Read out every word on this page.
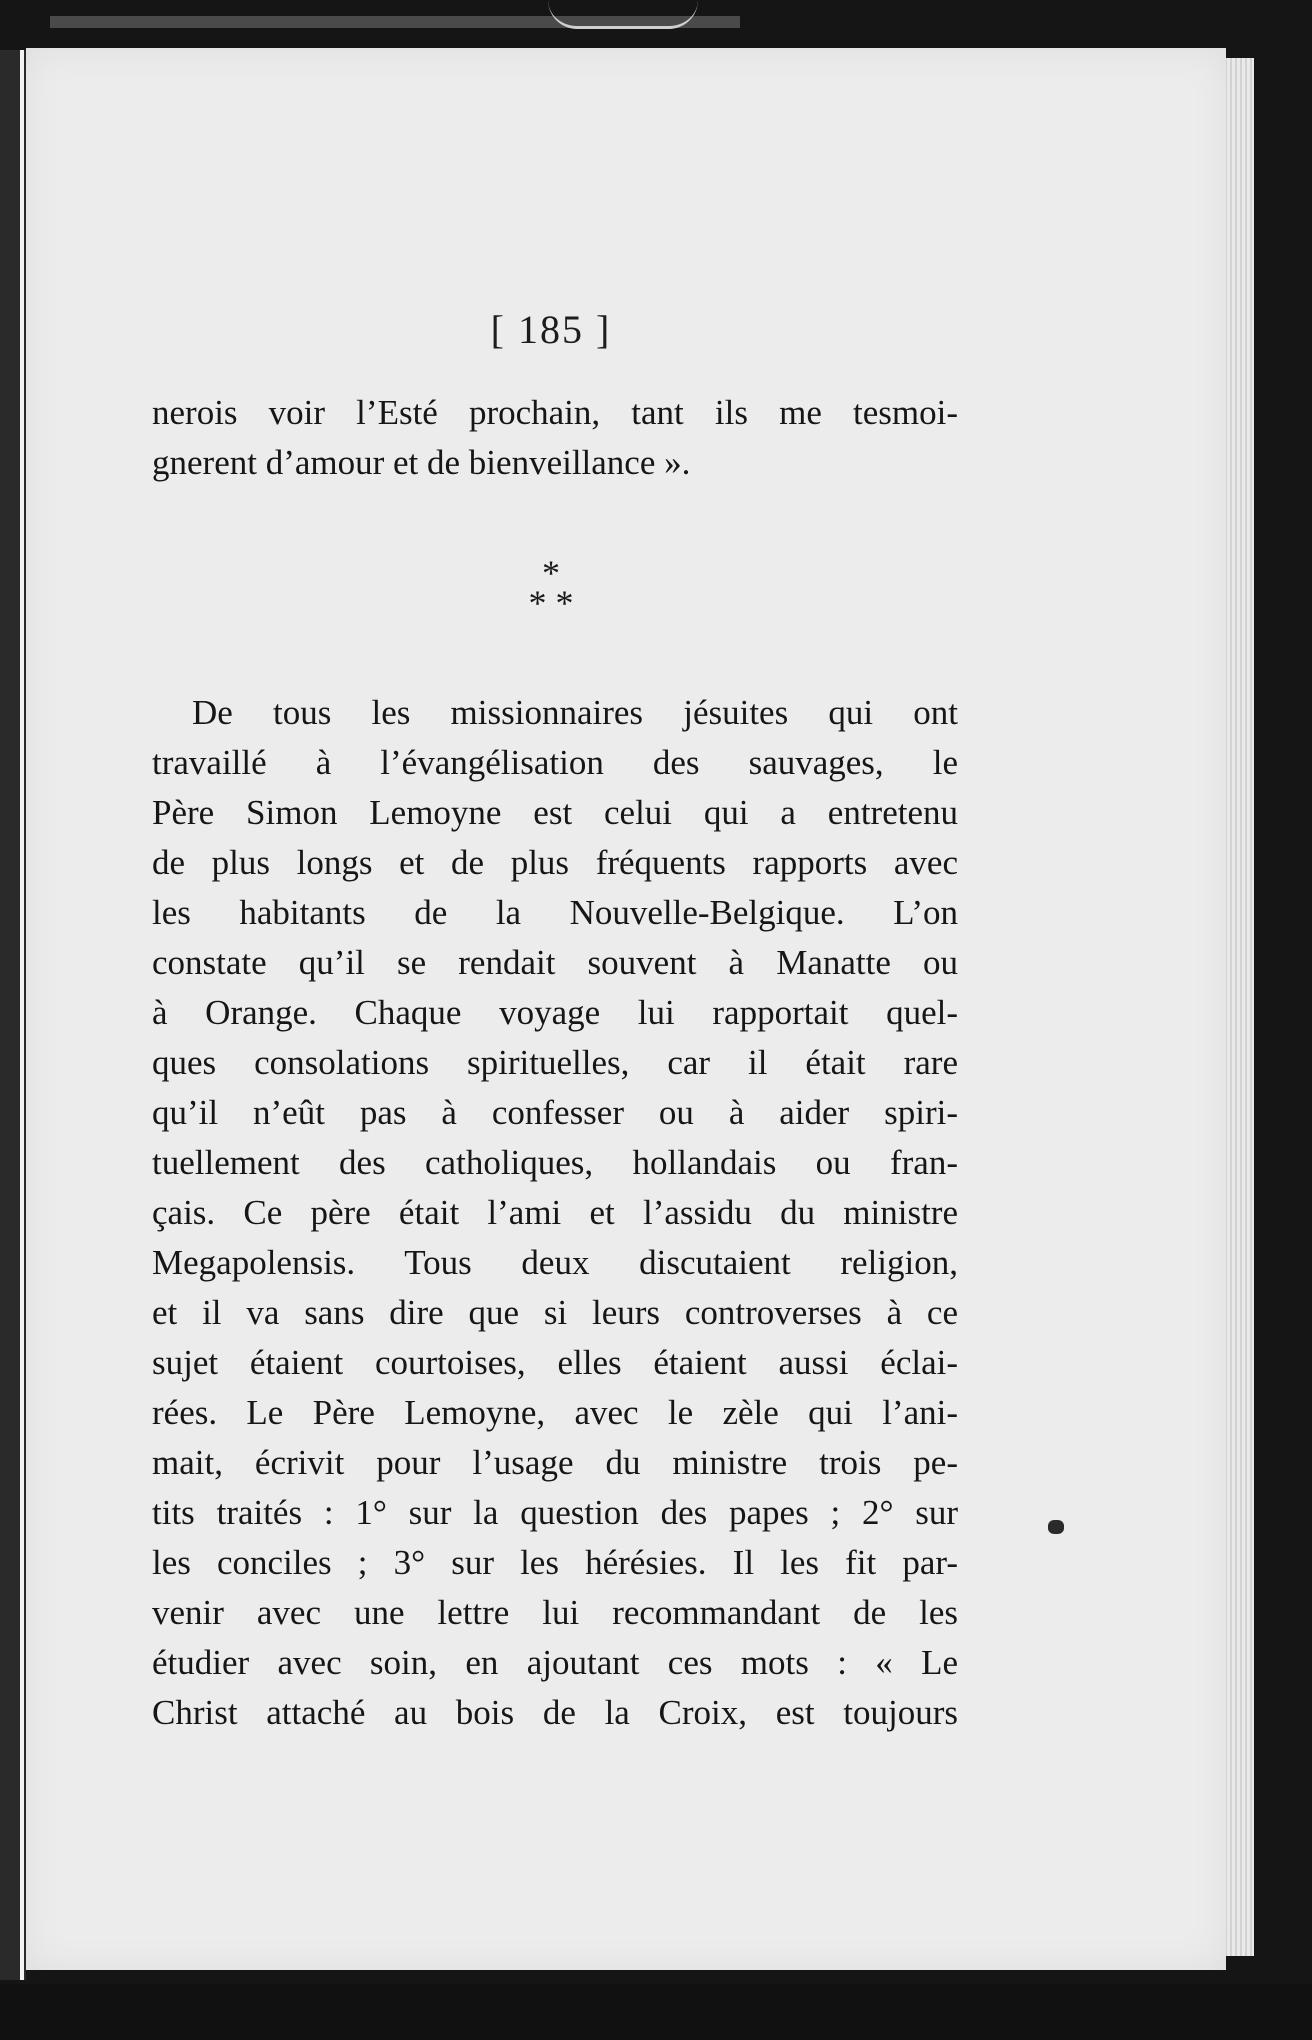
[ 185 ]
nerois voir l’Esté prochain, tant ils me tesmoi-
gnerent d’amour et de bienveillance ».
*
* *
De tous les missionnaires jésuites qui ont
travaillé à l’évangélisation des sauvages, le
Père Simon Lemoyne est celui qui a entretenu
de plus longs et de plus fréquents rapports avec
les habitants de la Nouvelle-Belgique. L’on
constate qu’il se rendait souvent à Manatte ou
à Orange. Chaque voyage lui rapportait quel-
ques consolations spirituelles, car il était rare
qu’il n’eût pas à confesser ou à aider spiri-
tuellement des catholiques, hollandais ou fran-
çais. Ce père était l’ami et l’assidu du ministre
Megapolensis. Tous deux discutaient religion,
et il va sans dire que si leurs controverses à ce
sujet étaient courtoises, elles étaient aussi éclai-
rées. Le Père Lemoyne, avec le zèle qui l’ani-
mait, écrivit pour l’usage du ministre trois pe-
tits traités : 1° sur la question des papes ; 2° sur
les conciles ; 3° sur les hérésies. Il les fit par-
venir avec une lettre lui recommandant de les
étudier avec soin, en ajoutant ces mots : « Le
Christ attaché au bois de la Croix, est toujours
